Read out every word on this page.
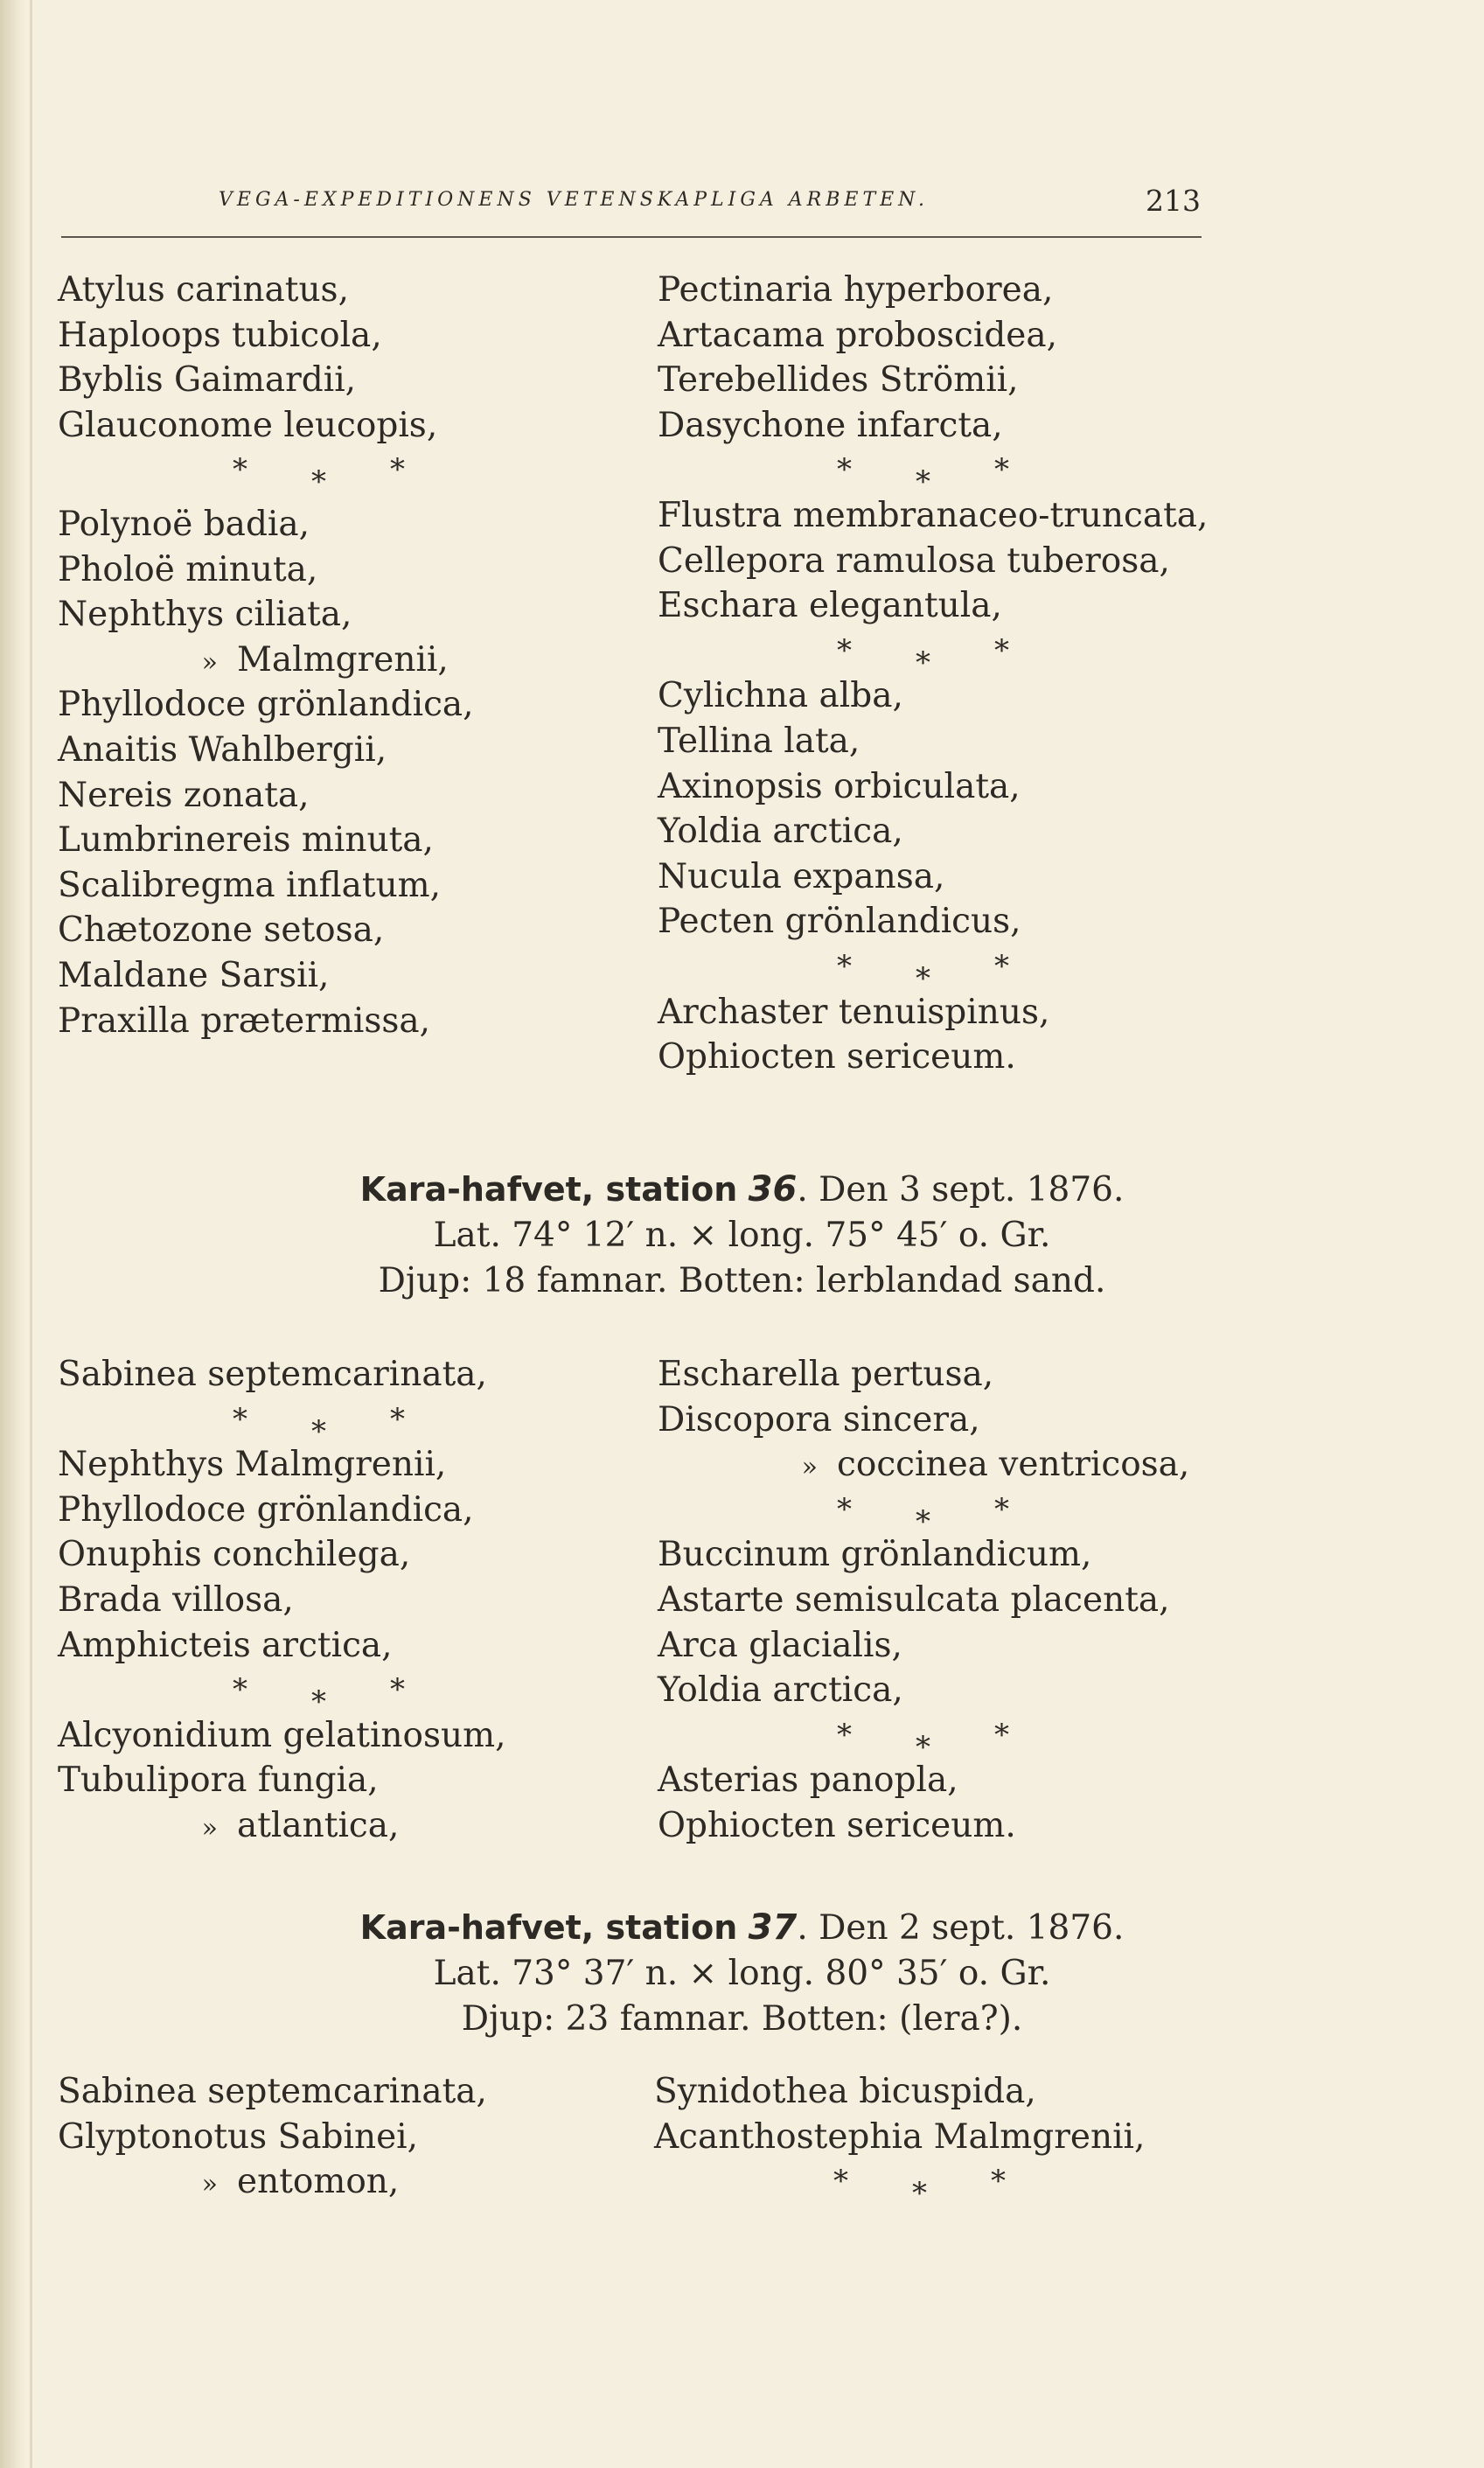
VEGA-EXPEDITIONENS VETENSKAPLIGA ARBETEN.	213
Atylus carinatus,
Haploops tubicola,
Byblis Gaimardii,
Glauconome leucopis,
* * *
Polynoë badia,
Pholoë minuta,
Nephthys ciliata,
» Malmgrenii,
Phyllodoce grönlandica,
Anaitis Wahlbergii,
Nereis zonata,
Lumbrinereis minuta,
Scalibregma inflatum,
Chætozone setosa,
Maldane Sarsii,
Praxilla prætermissa,
Pectinaria hyperborea,
Artacama proboscidea,
Terebellides Strömii,
Dasychone infarcta,
* * *
Flustra membranaceo-truncata,
Cellepora ramulosa tuberosa,
Eschara elegantula,
* * *
Cylichna alba,
Tellina lata,
Axinopsis orbiculata,
Yoldia arctica,
Nucula expansa,
Pecten grönlandicus,
* * *
Archaster tenuispinus,
Ophiocten sericeum.
Kara-hafvet, station 36. Den 3 sept. 1876.
Lat. 74° 12′ n. × long. 75° 45′ o. Gr.
Djup: 18 famnar. Botten: lerblandad sand.
Sabinea septemcarinata,
* * *
Nephthys Malmgrenii,
Phyllodoce grönlandica,
Onuphis conchilega,
Brada villosa,
Amphicteis arctica,
* * *
Alcyonidium gelatinosum,
Tubulipora fungia,
» atlantica,
Escharella pertusa,
Discopora sincera,
» coccinea ventricosa,
* * *
Buccinum grönlandicum,
Astarte semisulcata placenta,
Arca glacialis,
Yoldia arctica,
* * *
Asterias panopla,
Ophiocten sericeum.
Kara-hafvet, station 37. Den 2 sept. 1876.
Lat. 73° 37′ n. × long. 80° 35′ o. Gr.
Djup: 23 famnar. Botten: (lera?).
Sabinea septemcarinata,
Glyptonotus Sabinei,
» entomon,
Synidothea bicuspida,
Acanthostephia Malmgrenii,
* * *
